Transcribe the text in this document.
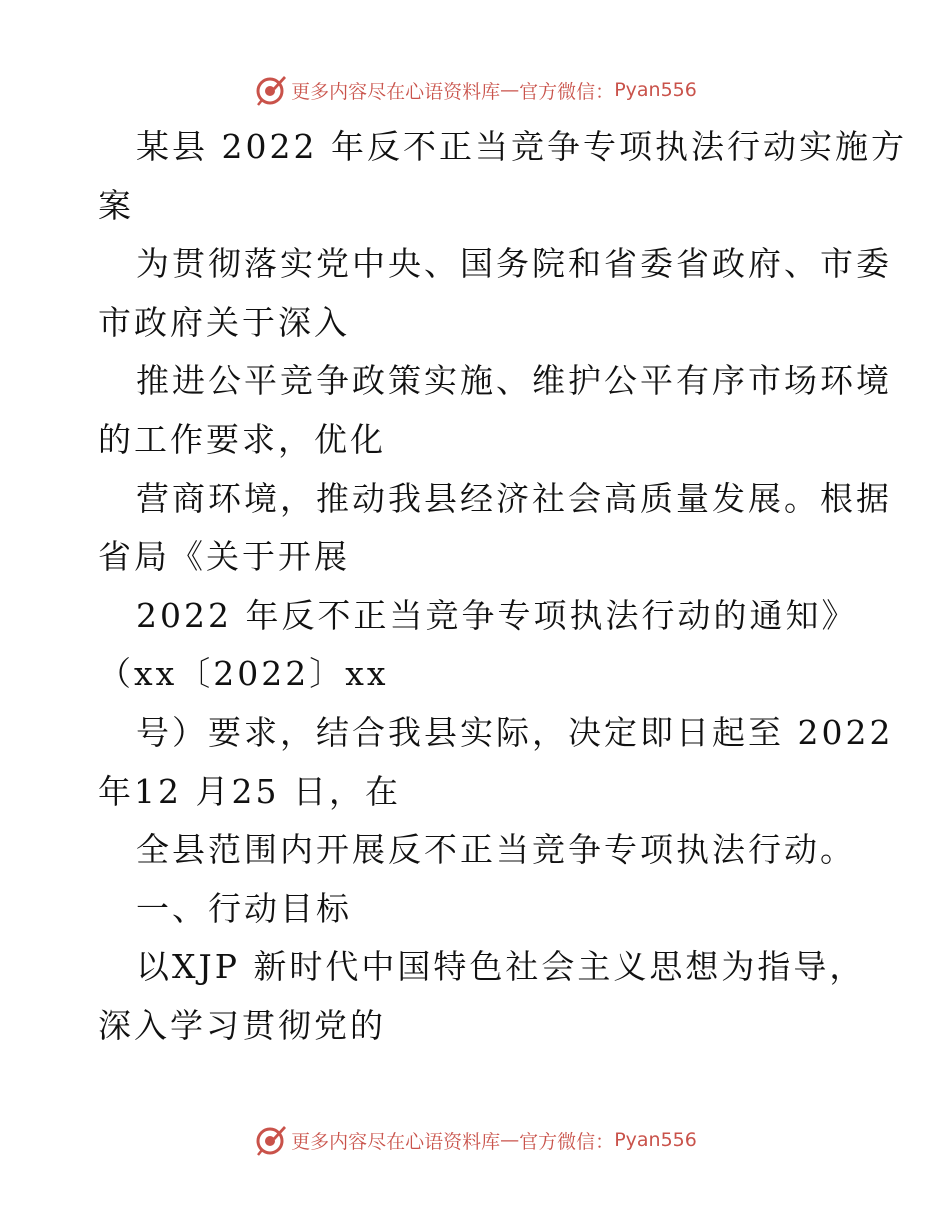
更多内容尽在心语资料库 — 官方微信： Pyan556
某县 2022 年反不正当竞争专项执法行动实施方
案
为贯彻落实党中央、国务院和省委省政府、市委
市政府关于深入
推进公平竞争政策实施、维护公平有序市场环境
的工作要求，优化
营商环境，推动我县经济社会高质量发展。根据
省局《关于开展
2022 年反不正当竞争专项执法行动的通知》
（xx〔2022〕xx
号）要求，结合我县实际，决定即日起至 2022
年12 月25 日，在
全县范围内开展反不正当竞争专项执法行动。
一、行动目标
以XJP 新时代中国特色社会主义思想为指导，
深入学习贯彻党的
更多内容尽在心语资料库 — 官方微信： Pyan556
